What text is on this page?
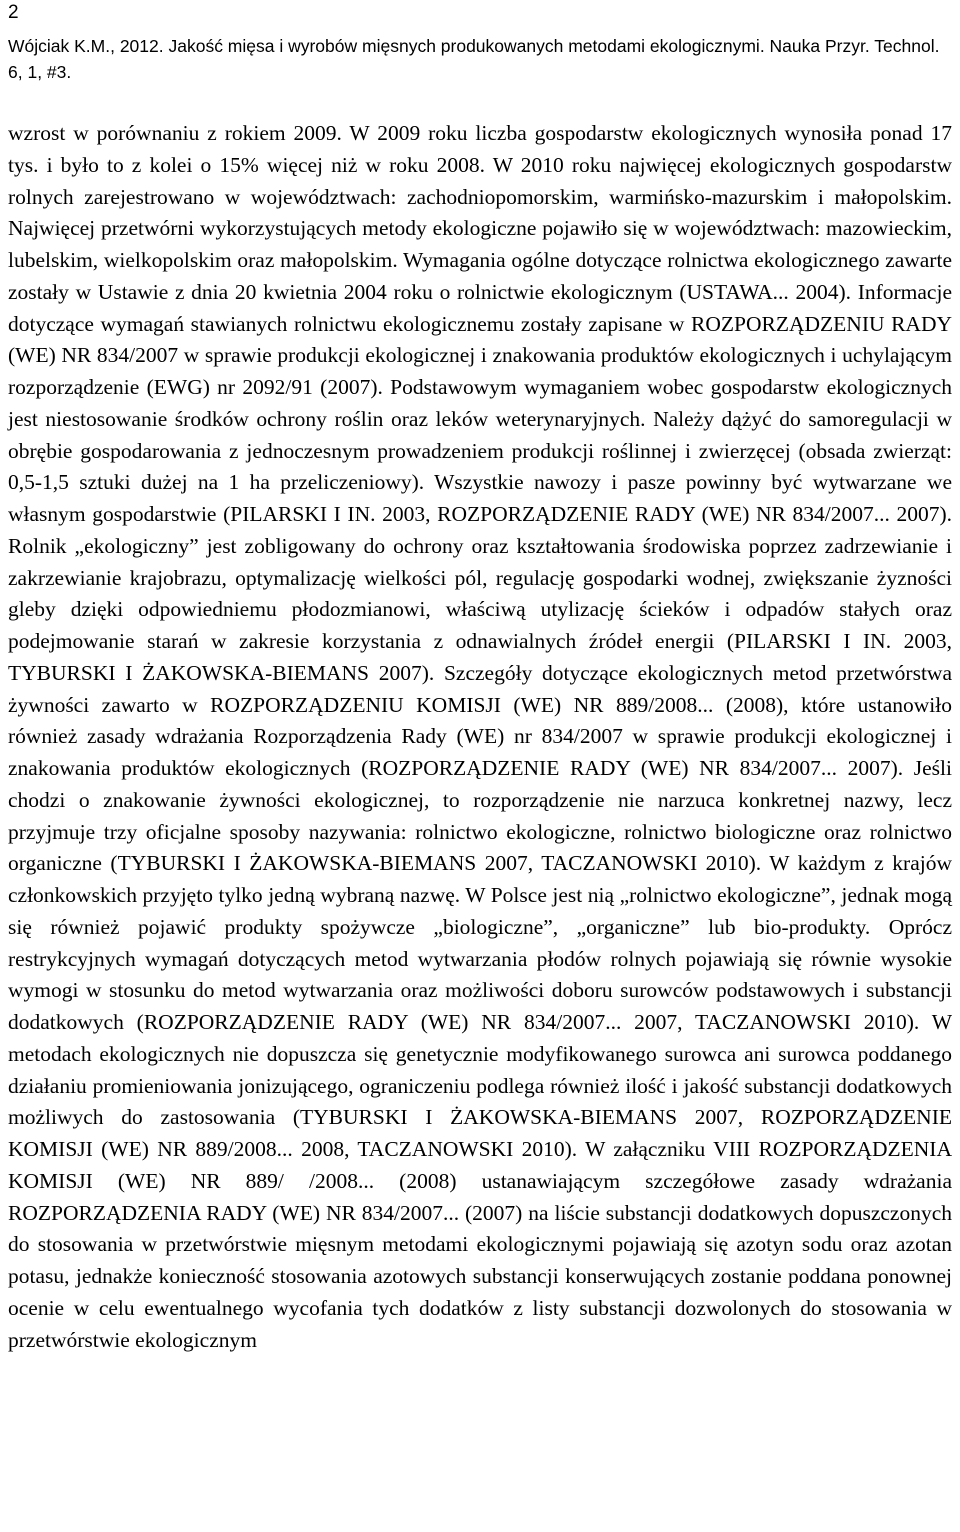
2
Wójciak K.M., 2012. Jakość mięsa i wyrobów mięsnych produkowanych metodami ekologicznymi. Nauka Przyr. Technol. 6, 1, #3.

wzrost w porównaniu z rokiem 2009. W 2009 roku liczba gospodarstw ekologicznych wynosiła ponad 17 tys. i było to z kolei o 15% więcej niż w roku 2008. W 2010 roku najwięcej ekologicznych gospodarstw rolnych zarejestrowano w województwach: zachodniopomorskim, warmińsko-mazurskim i małopolskim. Najwięcej przetwórni wykorzystujących metody ekologiczne pojawiło się w województwach: mazowieckim, lubelskim, wielkopolskim oraz małopolskim. Wymagania ogólne dotyczące rolnictwa ekologicznego zawarte zostały w Ustawie z dnia 20 kwietnia 2004 roku o rolnictwie ekologicznym (USTAWA... 2004). Informacje dotyczące wymagań stawianych rolnictwu ekologicznemu zostały zapisane w ROZPORZĄDZENIU RADY (WE) NR 834/2007 w sprawie produkcji ekologicznej i znakowania produktów ekologicznych i uchylającym rozporządzenie (EWG) nr 2092/91 (2007). Podstawowym wymaganiem wobec gospodarstw ekologicznych jest niestosowanie środków ochrony roślin oraz leków weterynaryjnych. Należy dążyć do samoregulacji w obrębie gospodarowania z jednoczesnym prowadzeniem produkcji roślinnej i zwierzęcej (obsada zwierząt: 0,5-1,5 sztuki dużej na 1 ha przeliczeniowy). Wszystkie nawozy i pasze powinny być wytwarzane we własnym gospodarstwie (PILARSKI I IN. 2003, ROZPORZĄDZENIE RADY (WE) NR 834/2007... 2007). Rolnik „ekologiczny” jest zobligowany do ochrony oraz kształtowania środowiska poprzez zadrzewianie i zakrzewianie krajobrazu, optymalizację wielkości pól, regulację gospodarki wodnej, zwiększanie żyzności gleby dzięki odpowiedniemu płodozmianowi, właściwą utylizację ścieków i odpadów stałych oraz podejmowanie starań w zakresie korzystania z odnawialnych źródeł energii (PILARSKI I IN. 2003, TYBURSKI I ŻAKOWSKA-BIEMANS 2007). Szczegóły dotyczące ekologicznych metod przetwórstwa żywności zawarto w ROZPORZĄDZENIU KOMISJI (WE) NR 889/2008... (2008), które ustanowiło również zasady wdrażania Rozporządzenia Rady (WE) nr 834/2007 w sprawie produkcji ekologicznej i znakowania produktów ekologicznych (ROZPORZĄDZENIE RADY (WE) NR 834/2007... 2007). Jeśli chodzi o znakowanie żywności ekologicznej, to rozporządzenie nie narzuca konkretnej nazwy, lecz przyjmuje trzy oficjalne sposoby nazywania: rolnictwo ekologiczne, rolnictwo biologiczne oraz rolnictwo organiczne (TYBURSKI I ŻAKOWSKA-BIEMANS 2007, TACZANOWSKI 2010). W każdym z krajów członkowskich przyjęto tylko jedną wybraną nazwę. W Polsce jest nią „rolnictwo ekologiczne”, jednak mogą się również pojawić produkty spożywcze „biologiczne”, „organiczne” lub bio-produkty. Oprócz restrykcyjnych wymagań dotyczących metod wytwarzania płodów rolnych pojawiają się równie wysokie wymogi w stosunku do metod wytwarzania oraz możliwości doboru surowców podstawowych i substancji dodatkowych (ROZPORZĄDZENIE RADY (WE) NR 834/2007... 2007, TACZANOWSKI 2010). W metodach ekologicznych nie dopuszcza się genetycznie modyfikowanego surowca ani surowca poddanego działaniu promieniowania jonizującego, ograniczeniu podlega również ilość i jakość substancji dodatkowych możliwych do zastosowania (TYBURSKI I ŻAKOWSKA-BIEMANS 2007, ROZPORZĄDZENIE KOMISJI (WE) NR 889/2008... 2008, TACZANOWSKI 2010). W załączniku VIII ROZPORZĄDZENIA KOMISJI (WE) NR 889/ /2008... (2008) ustanawiającym szczegółowe zasady wdrażania ROZPORZĄDZENIA RADY (WE) NR 834/2007... (2007) na liście substancji dodatkowych dopuszczonych do stosowania w przetwórstwie mięsnym metodami ekologicznymi pojawiają się azotyn sodu oraz azotan potasu, jednakże konieczność stosowania azotowych substancji konserwujących zostanie poddana ponownej ocenie w celu ewentualnego wycofania tych dodatków z listy substancji dozwolonych do stosowania w przetwórstwie ekologicznym
